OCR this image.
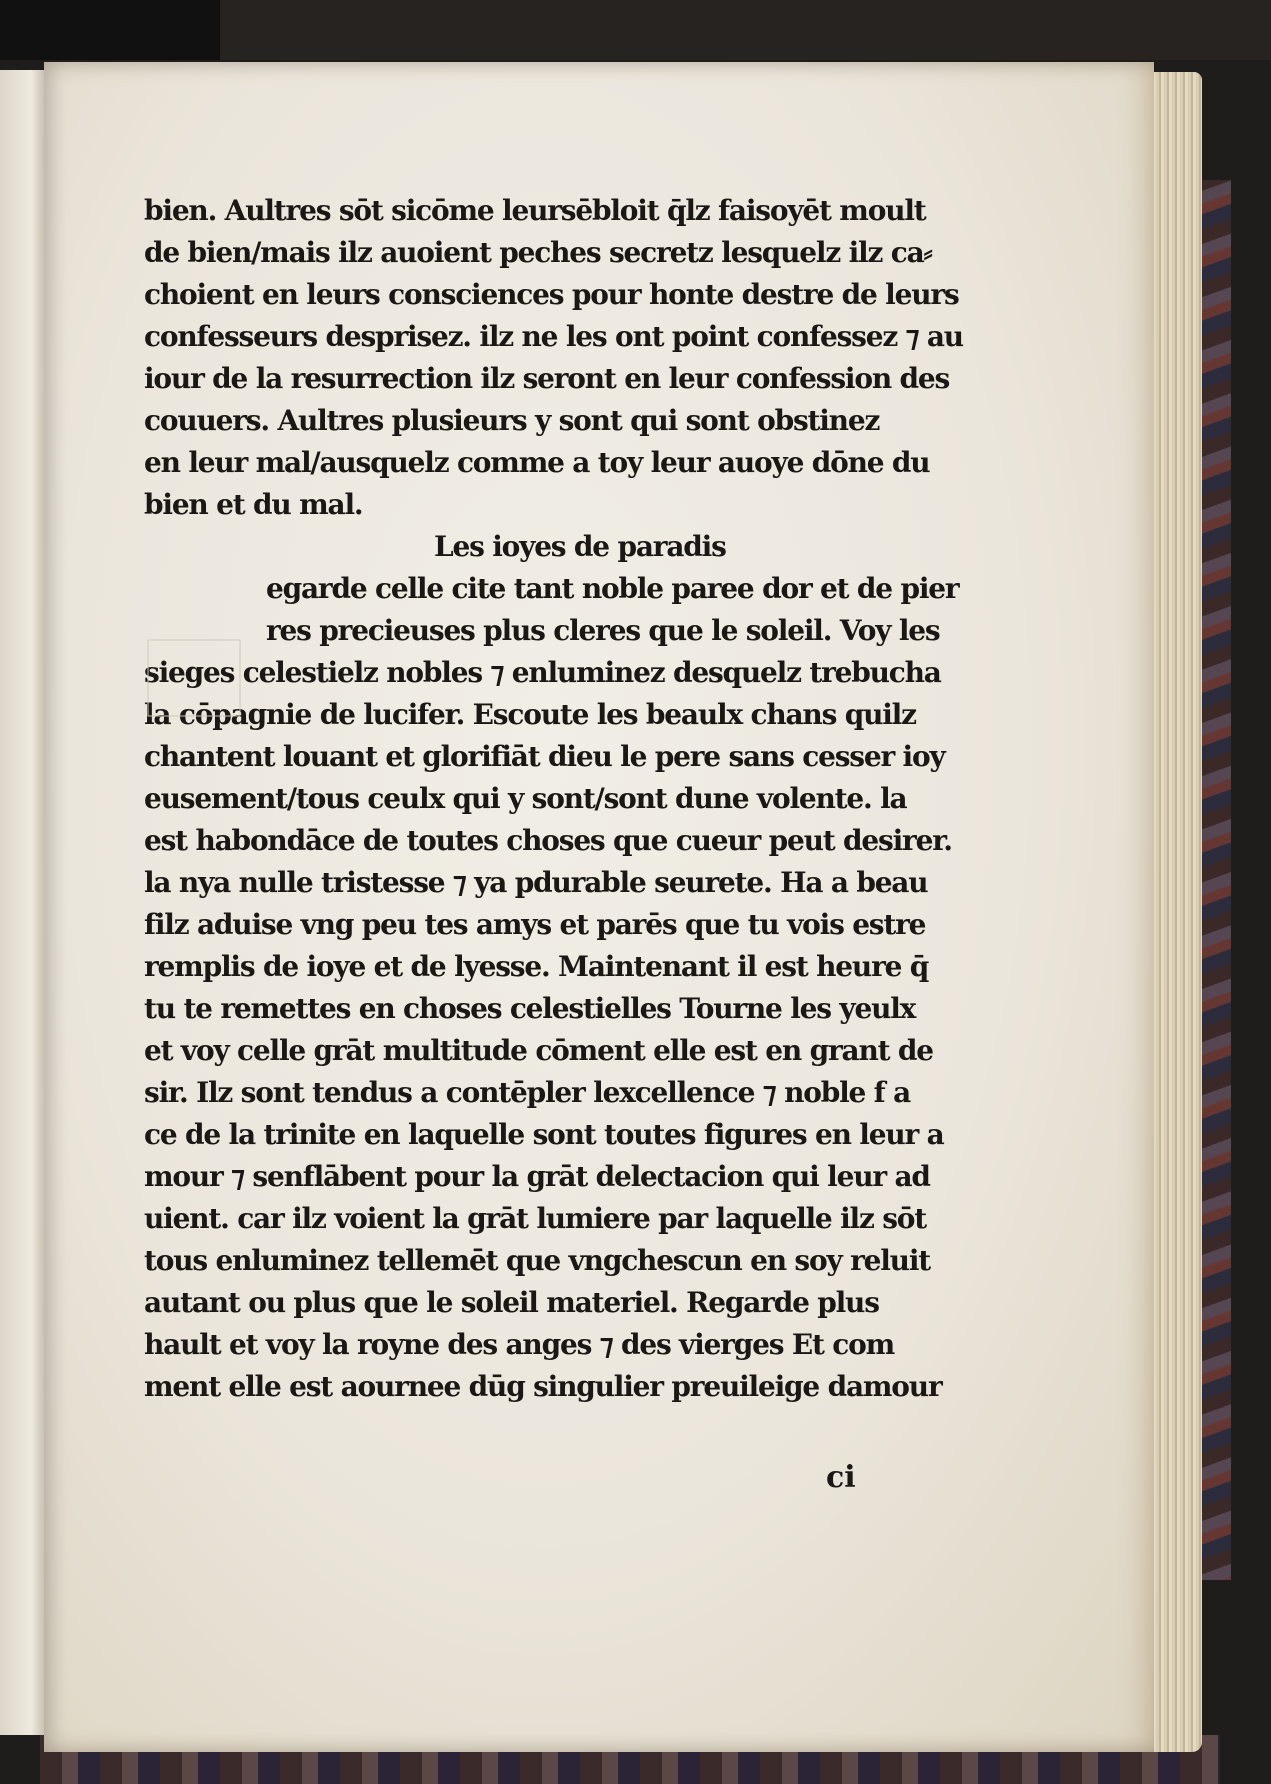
bien. Aultres sōt sicōme leursēbloit q̄lz faisoyēt moult
de bien/mais ilz auoient peches secretz lesquelz ilz ca⸗
choient en leurs consciences pour honte destre de leurs
confesseurs desprisez. ilz ne les ont point confessez ⁊ au
iour de la resurrection ilz seront en leur confession des
couuers. Aultres plusieurs y sont qui sont obstinez
en leur mal/ausquelz comme a toy leur auoye dōne du
bien et du mal.
Les ioyes de paradis
egarde celle cite tant noble paree dor et de pier
res precieuses plus cleres que le soleil. Voy les
sieges celestielz nobles ⁊ enluminez desquelz trebucha
la cōpagnie de lucifer. Escoute les beaulx chans quilz
chantent louant et glorifiāt dieu le pere sans cesser ioy
eusement/tous ceulx qui y sont/sont dune volente. la
est habondāce de toutes choses que cueur peut desirer.
la nya nulle tristesse ⁊ ya pdurable seurete. Ha a beau
filz aduise vng peu tes amys et parēs que tu vois estre
remplis de ioye et de lyesse. Maintenant il est heure q̄
tu te remettes en choses celestielles Tourne les yeulx
et voy celle grāt multitude cōment elle est en grant de
sir. Ilz sont tendus a contēpler lexcellence ⁊ noble f a
ce de la trinite en laquelle sont toutes figures en leur a
mour ⁊ senflābent pour la grāt delectacion qui leur ad
uient. car ilz voient la grāt lumiere par laquelle ilz sōt
tous enluminez tellemēt que vngchescun en soy reluit
autant ou plus que le soleil materiel. Regarde plus
hault et voy la royne des anges ⁊ des vierges Et com
ment elle est aournee dūg singulier preuileige damour
ci
